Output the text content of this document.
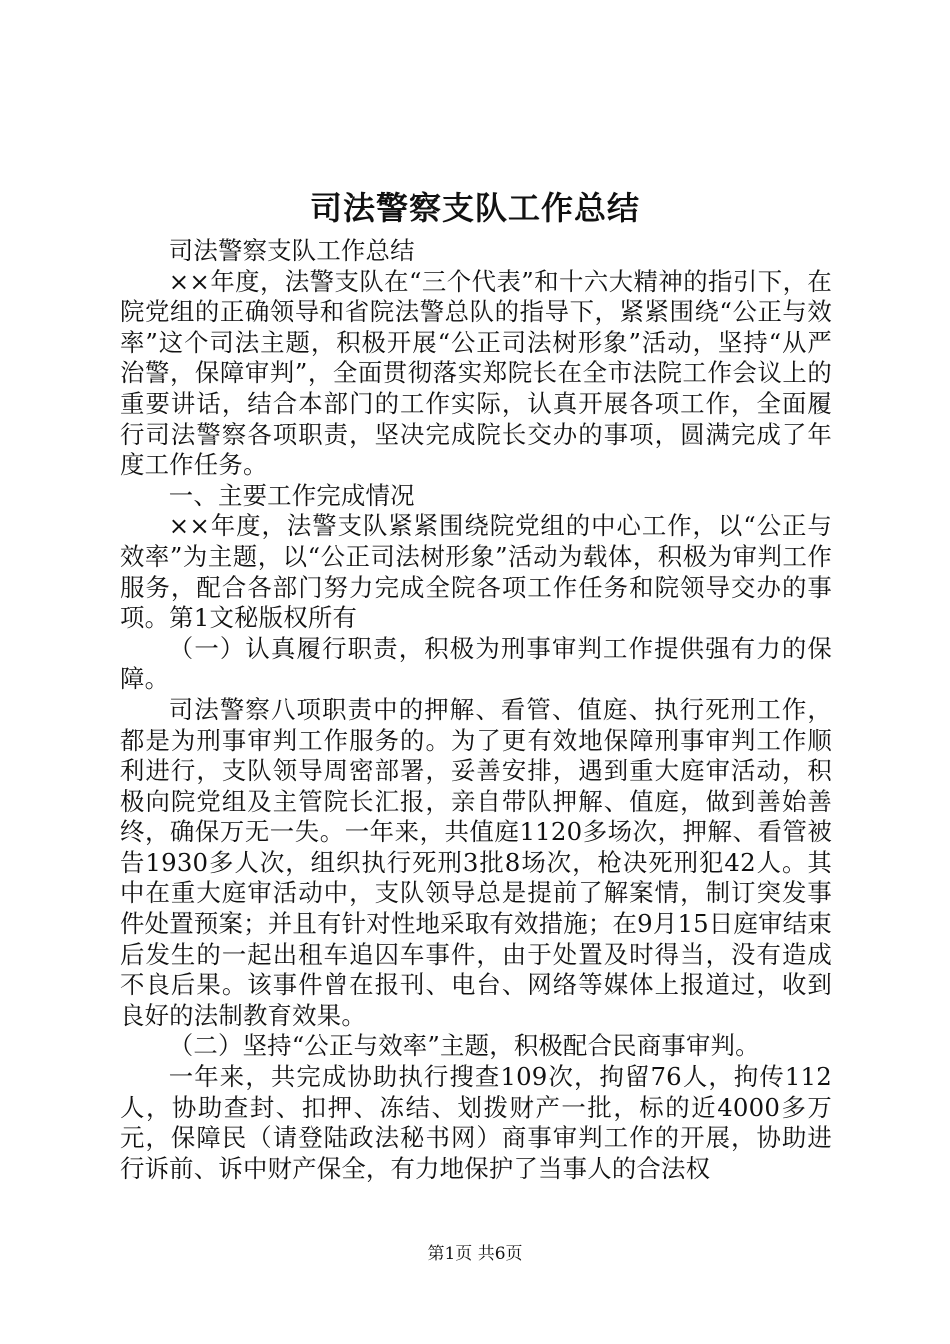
司法警察支队工作总结

司法警察支队工作总结

××年度，法警支队在“三个代表”和十六大精神的指引下，在院党组的正确领导和省院法警总队的指导下，紧紧围绕“公正与效率”这个司法主题，积极开展“公正司法树形象”活动，坚持“从严治警，保障审判”，全面贯彻落实郑院长在全市法院工作会议上的重要讲话，结合本部门的工作实际，认真开展各项工作，全面履行司法警察各项职责，坚决完成院长交办的事项，圆满完成了年度工作任务。

一、主要工作完成情况

××年度，法警支队紧紧围绕院党组的中心工作，以“公正与效率”为主题，以“公正司法树形象”活动为载体，积极为审判工作服务，配合各部门努力完成全院各项工作任务和院领导交办的事项。第1文秘版权所有

（一）认真履行职责，积极为刑事审判工作提供强有力的保障。

司法警察八项职责中的押解、看管、值庭、执行死刑工作，都是为刑事审判工作服务的。为了更有效地保障刑事审判工作顺利进行，支队领导周密部署，妥善安排，遇到重大庭审活动，积极向院党组及主管院长汇报，亲自带队押解、值庭，做到善始善终，确保万无一失。一年来，共值庭1120多场次，押解、看管被告1930多人次，组织执行死刑3批8场次，枪决死刑犯42人。其中在重大庭审活动中，支队领导总是提前了解案情，制订突发事件处置预案；并且有针对性地采取有效措施；在9月15日庭审结束后发生的一起出租车追囚车事件，由于处置及时得当，没有造成不良后果。该事件曾在报刊、电台、网络等媒体上报道过，收到良好的法制教育效果。

（二）坚持“公正与效率”主题，积极配合民商事审判。

一年来，共完成协助执行搜查109次，拘留76人，拘传112人，协助查封、扣押、冻结、划拨财产一批，标的近4000多万元，保障民（请登陆政法秘书网）商事审判工作的开展，协助进行诉前、诉中财产保全，有力地保护了当事人的合法权

第1页 共6页
